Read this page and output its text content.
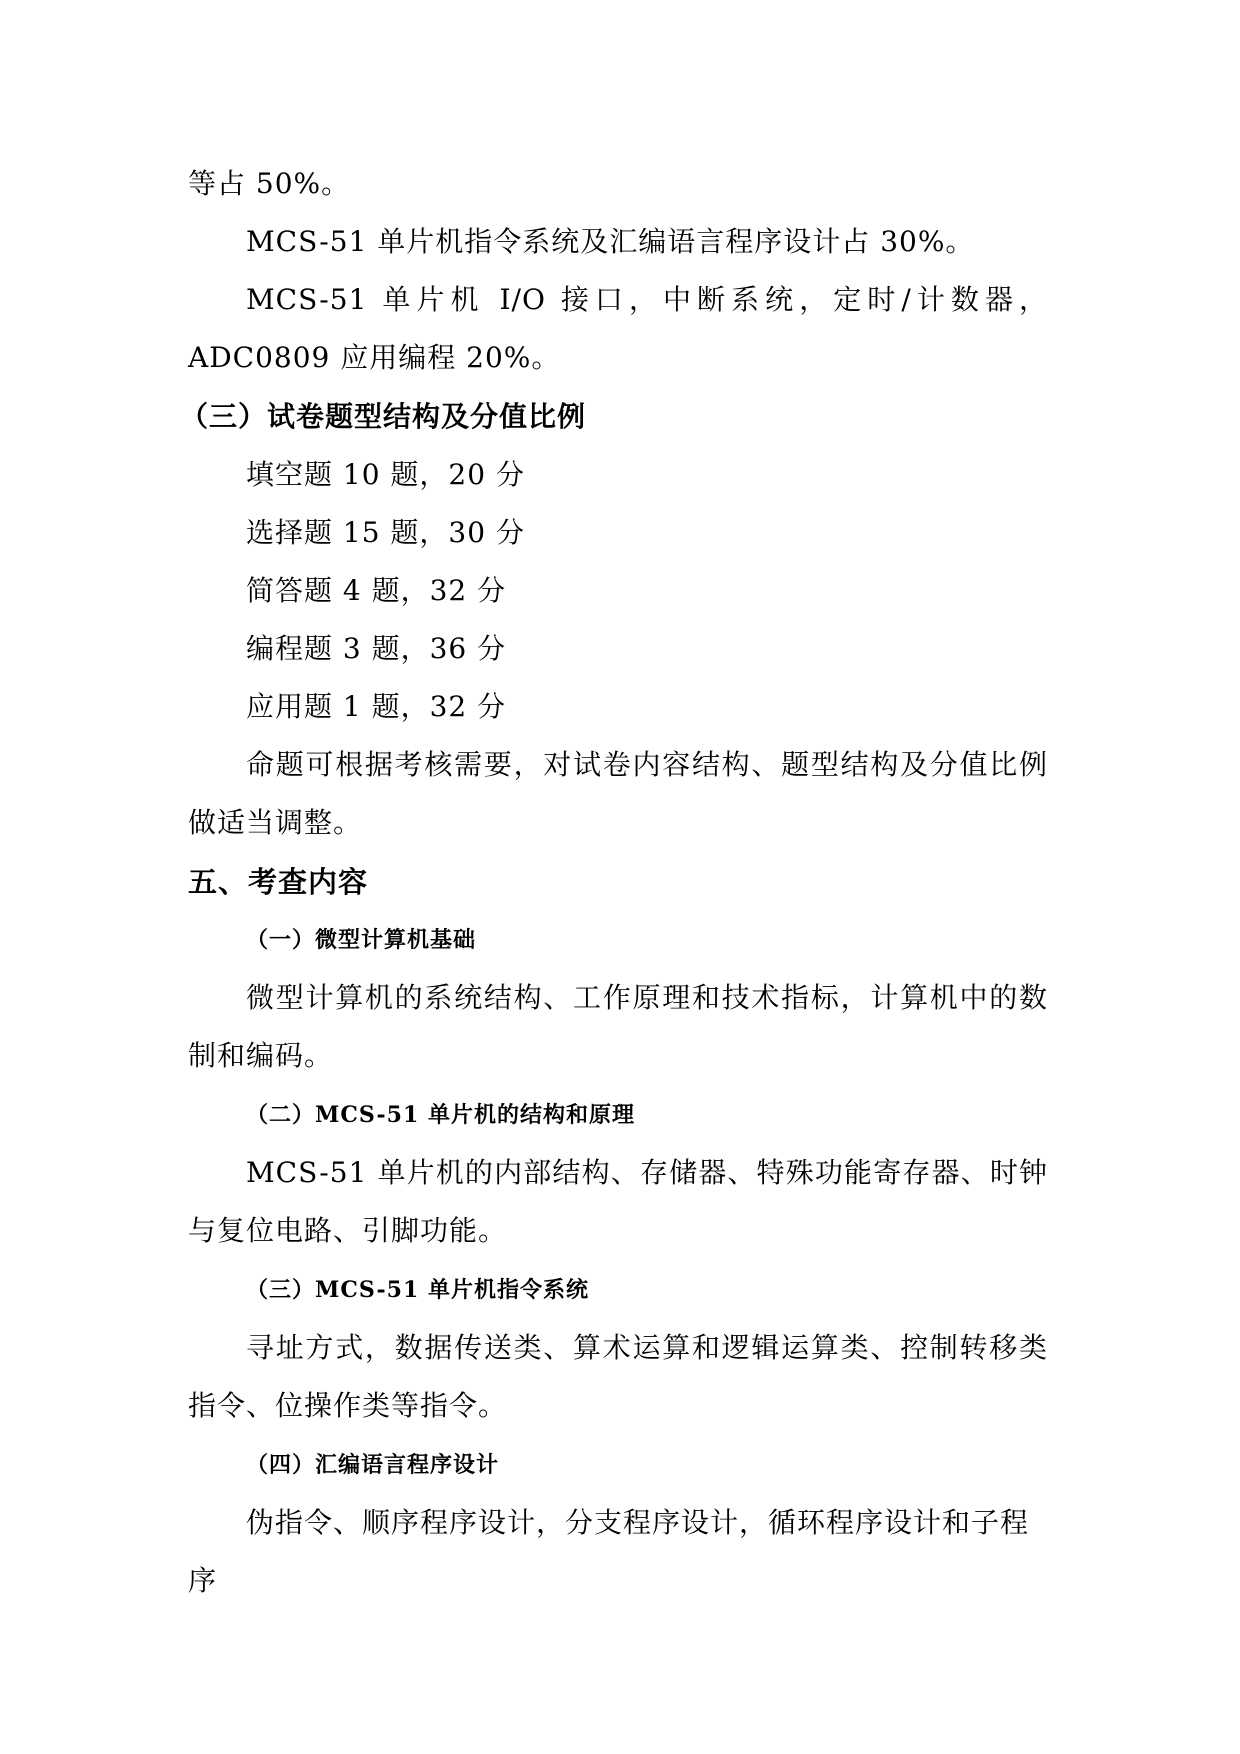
等占 50%。

MCS-51 单片机指令系统及汇编语言程序设计占 30%。

MCS-51 单片机 I/O 接口，中断系统，定时/计数器，ADC0809 应用编程 20%。

（三）试卷题型结构及分值比例

填空题 10 题，20 分

选择题 15 题，30 分

简答题 4 题，32 分

编程题 3 题，36 分

应用题 1 题，32 分

命题可根据考核需要，对试卷内容结构、题型结构及分值比例做适当调整。

五、考查内容

（一）微型计算机基础

微型计算机的系统结构、工作原理和技术指标，计算机中的数制和编码。

（二）MCS-51 单片机的结构和原理

MCS-51 单片机的内部结构、存储器、特殊功能寄存器、时钟与复位电路、引脚功能。

（三）MCS-51 单片机指令系统

寻址方式，数据传送类、算术运算和逻辑运算类、控制转移类指令、位操作类等指令。

（四）汇编语言程序设计

伪指令、顺序程序设计，分支程序设计，循环程序设计和子程序
